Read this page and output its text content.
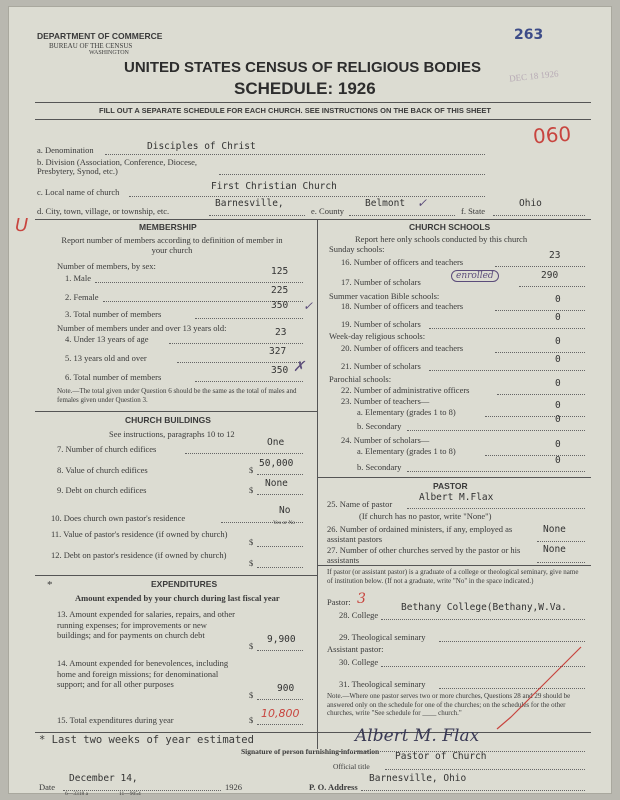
DEPARTMENT OF COMMERCE
BUREAU OF THE CENSUS
WASHINGTON
263
DEC 18 1926
UNITED STATES CENSUS OF RELIGIOUS BODIES
SCHEDULE: 1926
FILL OUT A SEPARATE SCHEDULE FOR EACH CHURCH. SEE INSTRUCTIONS ON THE BACK OF THIS SHEET
060
a. Denomination	Disciples of Christ
b. Division (Association, Conference, Diocese, Presbytery, Synod, etc.)
c. Local name of church	First Christian Church
d. City, town, village, or township, etc.
Barnesville,
e. County
Belmont ✓
f. State
Ohio
U	MEMBERSHIP
Report number of members according to definition of member in your church
Number of members, by sex:
1. Male
125
2. Female
225
3. Total number of members
350 ✓
Number of members under and over 13 years old:
4. Under 13 years of age
23
5. 13 years old and over
327
6. Total number of members
350 ✗
Note.—The total given under Question 6 should be the same as the total of males and females given under Question 3.
CHURCH BUILDINGS
See instructions, paragraphs 10 to 12
7. Number of church edifices
One
8. Value of church edifices	$
50,000
9. Debt on church edifices	$
None
10. Does church own pastor's residence
No
Yes or No
11. Value of pastor's residence (if owned by church)
$
12. Debt on pastor's residence (if owned by church)
$
*	EXPENDITURES
Amount expended by your church during last fiscal year
13. Amount expended for salaries, repairs, and other running expenses; for improvements or new buildings; and for payments on church debt
$
9,900
14. Amount expended for benevolences, including home and foreign missions; for denominational support; and for all other purposes
$
900
15. Total expenditures during year	$ 10,800
CHURCH SCHOOLS
Report here only schools conducted by this church
Sunday schools:
16. Number of officers and teachers
23
17. Number of scholars
enrolled	290
Summer vacation Bible schools:
18. Number of officers and teachers
0
19. Number of scholars
0
Week-day religious schools:
20. Number of officers and teachers
0
21. Number of scholars
0
Parochial schools:
22. Number of administrative officers
0
23. Number of teachers—
a. Elementary (grades 1 to 8)
0
b. Secondary
0
24. Number of scholars—
a. Elementary (grades 1 to 8)
0
b. Secondary
0
PASTOR
25. Name of pastor
Albert M.Flax
(If church has no pastor, write "None")
26. Number of ordained ministers, if any, employed as assistant pastors
None
27. Number of other churches served by the pastor or his assistants
None
If pastor (or assistant pastor) is a graduate of a college or theological seminary, give name of institution below. (If not a graduate, write "No" in the space indicated.)
Pastor: 3
28. College
Bethany College(Bethany,W.Va.
29. Theological seminary
Assistant pastor:
30. College
31. Theological seminary
Note.—Where one pastor serves two or more churches, Questions 28 and 29 should be answered only on the schedule for one of the churches; on the schedules for the other churches, write "See schedule for ____ church."
* Last two weeks of year estimated
Signature of person furnishing information
Albert M. Flax
Official title
Pastor of Church
Date
December 14,
1926	P. O. Address
Barnesville, Ohio
6—3318 a	11—9054
